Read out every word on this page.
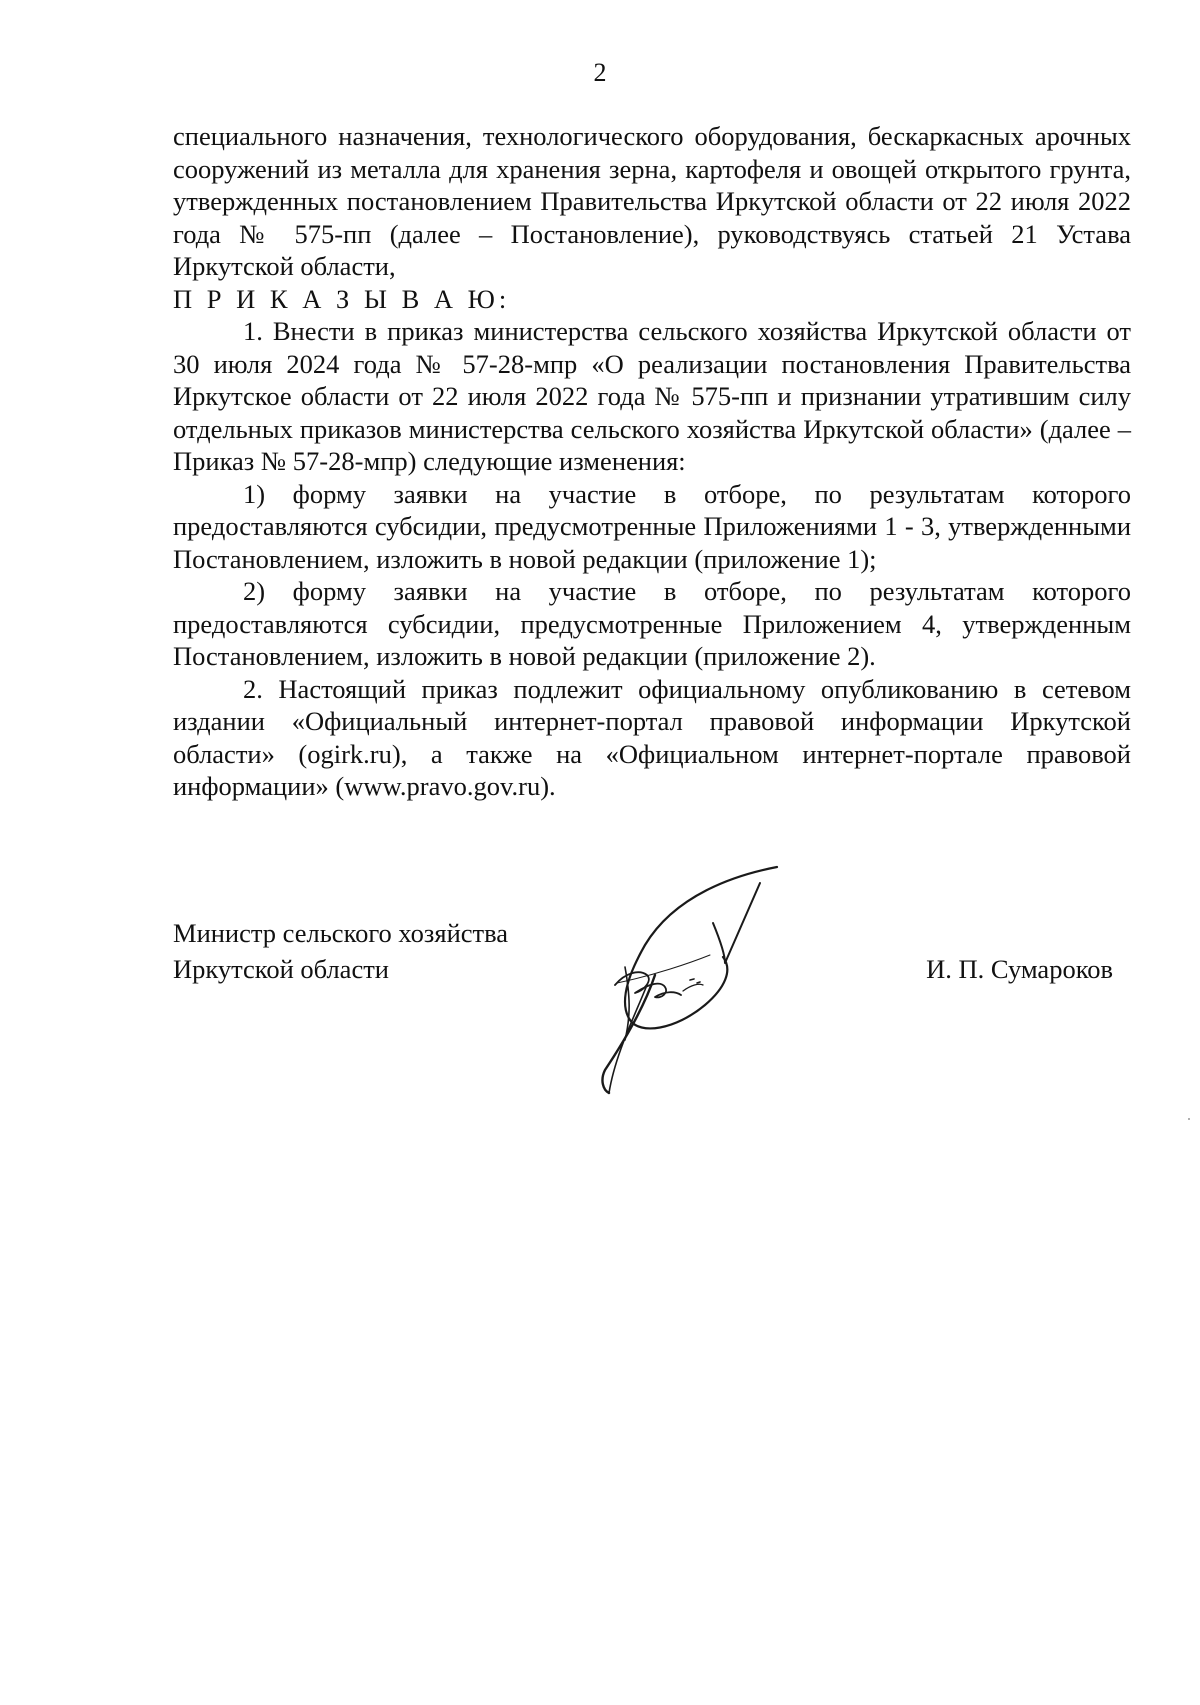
2

специального назначения, технологического оборудования, бескаркасных арочных сооружений из металла для хранения зерна, картофеля и овощей открытого грунта, утвержденных постановлением Правительства Иркутской области от 22 июля 2022 года № 575-пп (далее – Постановление), руководствуясь статьей 21 Устава Иркутской области,

П Р И К А З Ы В А Ю:

1. Внести в приказ министерства сельского хозяйства Иркутской области от 30 июля 2024 года № 57-28-мпр «О реализации постановления Правительства Иркутское области от 22 июля 2022 года № 575-пп и признании утратившим силу отдельных приказов министерства сельского хозяйства Иркутской области» (далее – Приказ № 57-28-мпр) следующие изменения:

1) форму заявки на участие в отборе, по результатам которого предоставляются субсидии, предусмотренные Приложениями 1 - 3, утвержденными Постановлением, изложить в новой редакции (приложение 1);

2) форму заявки на участие в отборе, по результатам которого предоставляются субсидии, предусмотренные Приложением 4, утвержденным Постановлением, изложить в новой редакции (приложение 2).

2. Настоящий приказ подлежит официальному опубликованию в сетевом издании «Официальный интернет-портал правовой информации Иркутской области» (ogirk.ru), а также на «Официальном интернет-портале правовой информации» (www.pravo.gov.ru).

Министр сельского хозяйства
Иркутской области	И. П. Сумароков
